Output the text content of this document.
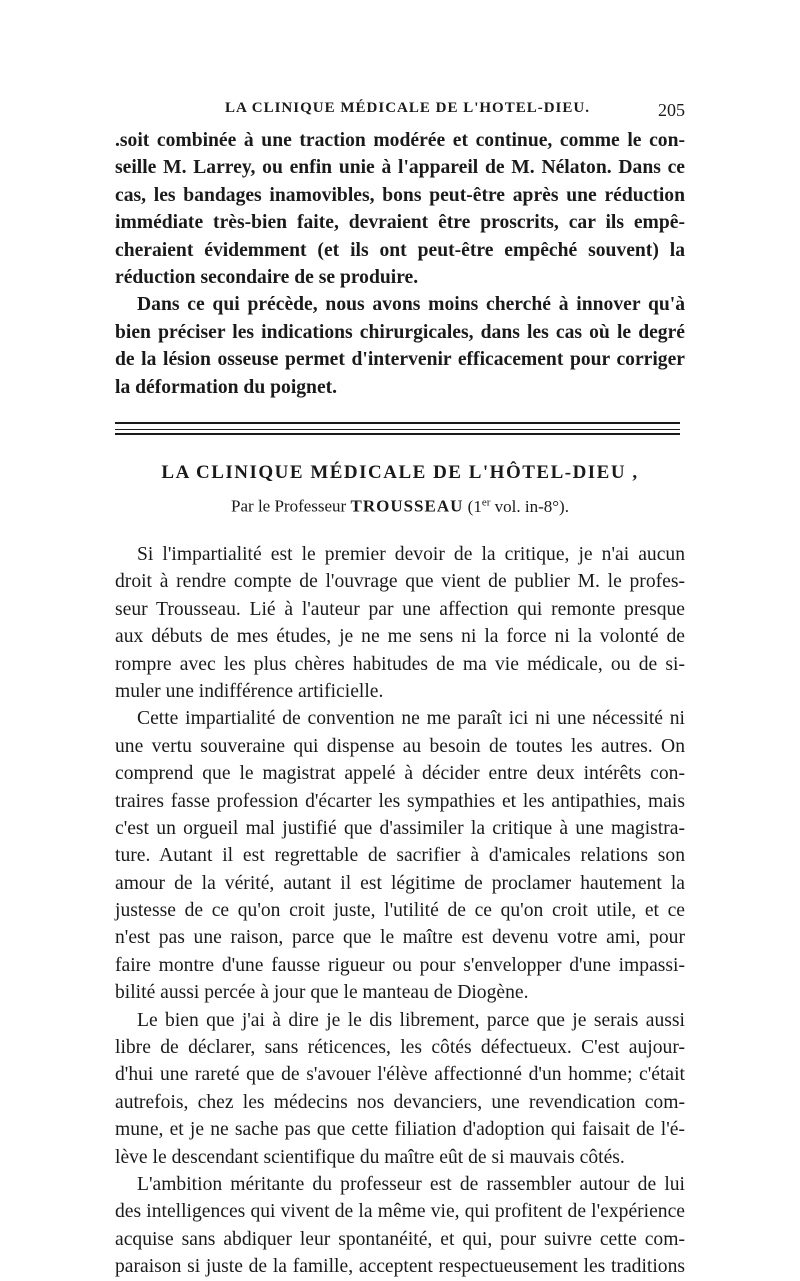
LA CLINIQUE MÉDICALE DE L'HOTEL-DIEU.	205
.soit combinée à une traction modérée et continue, comme le con-
seille M. Larrey, ou enfin unie à l'appareil de M. Nélaton. Dans ce
cas, les bandages inamovibles, bons peut-être après une réduction
immédiate très-bien faite, devraient être proscrits, car ils empê-
cheraient évidemment (et ils ont peut-être empêché souvent) la
réduction secondaire de se produire.
Dans ce qui précède, nous avons moins cherché à innover qu'à
bien préciser les indications chirurgicales, dans les cas où le degré
de la lésion osseuse permet d'intervenir efficacement pour corriger
la déformation du poignet.
LA CLINIQUE MÉDICALE DE L'HÔTEL-DIEU ,
Par le Professeur TROUSSEAU (1er vol. in-8°).
Si l'impartialité est le premier devoir de la critique, je n'ai aucun
droit à rendre compte de l'ouvrage que vient de publier M. le profes-
seur Trousseau. Lié à l'auteur par une affection qui remonte presque
aux débuts de mes études, je ne me sens ni la force ni la volonté de
rompre avec les plus chères habitudes de ma vie médicale, ou de si-
muler une indifférence artificielle.
Cette impartialité de convention ne me paraît ici ni une nécessité ni
une vertu souveraine qui dispense au besoin de toutes les autres. On
comprend que le magistrat appelé à décider entre deux intérêts con-
traires fasse profession d'écarter les sympathies et les antipathies, mais
c'est un orgueil mal justifié que d'assimiler la critique à une magistra-
ture. Autant il est regrettable de sacrifier à d'amicales relations son
amour de la vérité, autant il est légitime de proclamer hautement la
justesse de ce qu'on croit juste, l'utilité de ce qu'on croit utile, et ce
n'est pas une raison, parce que le maître est devenu votre ami, pour
faire montre d'une fausse rigueur ou pour s'envelopper d'une impassi-
bilité aussi percée à jour que le manteau de Diogène.
Le bien que j'ai à dire je le dis librement, parce que je serais aussi
libre de déclarer, sans réticences, les côtés défectueux. C'est aujour-
d'hui une rareté que de s'avouer l'élève affectionné d'un homme; c'était
autrefois, chez les médecins nos devanciers, une revendication com-
mune, et je ne sache pas que cette filiation d'adoption qui faisait de l'é-
lève le descendant scientifique du maître eût de si mauvais côtés.
L'ambition méritante du professeur est de rassembler autour de lui
des intelligences qui vivent de la même vie, qui profitent de l'expérience
acquise sans abdiquer leur spontanéité, et qui, pour suivre cette com-
paraison si juste de la famille, acceptent respectueusement les traditions
